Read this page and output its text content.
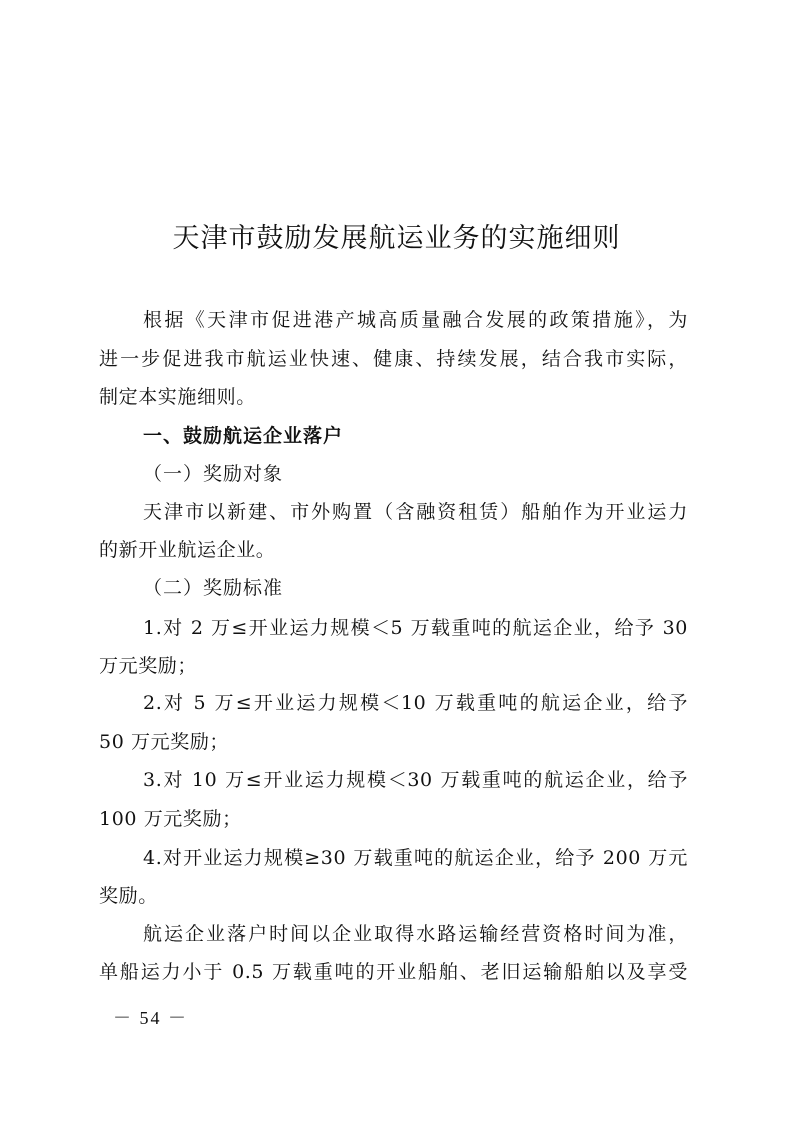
天津市鼓励发展航运业务的实施细则
根据《天津市促进港产城高质量融合发展的政策措施》，为
进一步促进我市航运业快速、健康、持续发展，结合我市实际，
制定本实施细则。
一、鼓励航运企业落户
（一）奖励对象
天津市以新建、市外购置（含融资租赁）船舶作为开业运力
的新开业航运企业。
（二）奖励标准
1.对 2 万≤开业运力规模＜5 万载重吨的航运企业，给予 30
万元奖励；
2.对 5 万≤开业运力规模＜10 万载重吨的航运企业，给予
50 万元奖励；
3.对 10 万≤开业运力规模＜30 万载重吨的航运企业，给予
100 万元奖励；
4.对开业运力规模≥30 万载重吨的航运企业，给予 200 万元
奖励。
航运企业落户时间以企业取得水路运输经营资格时间为准，
单船运力小于 0.5 万载重吨的开业船舶、老旧运输船舶以及享受
－ 54 －
